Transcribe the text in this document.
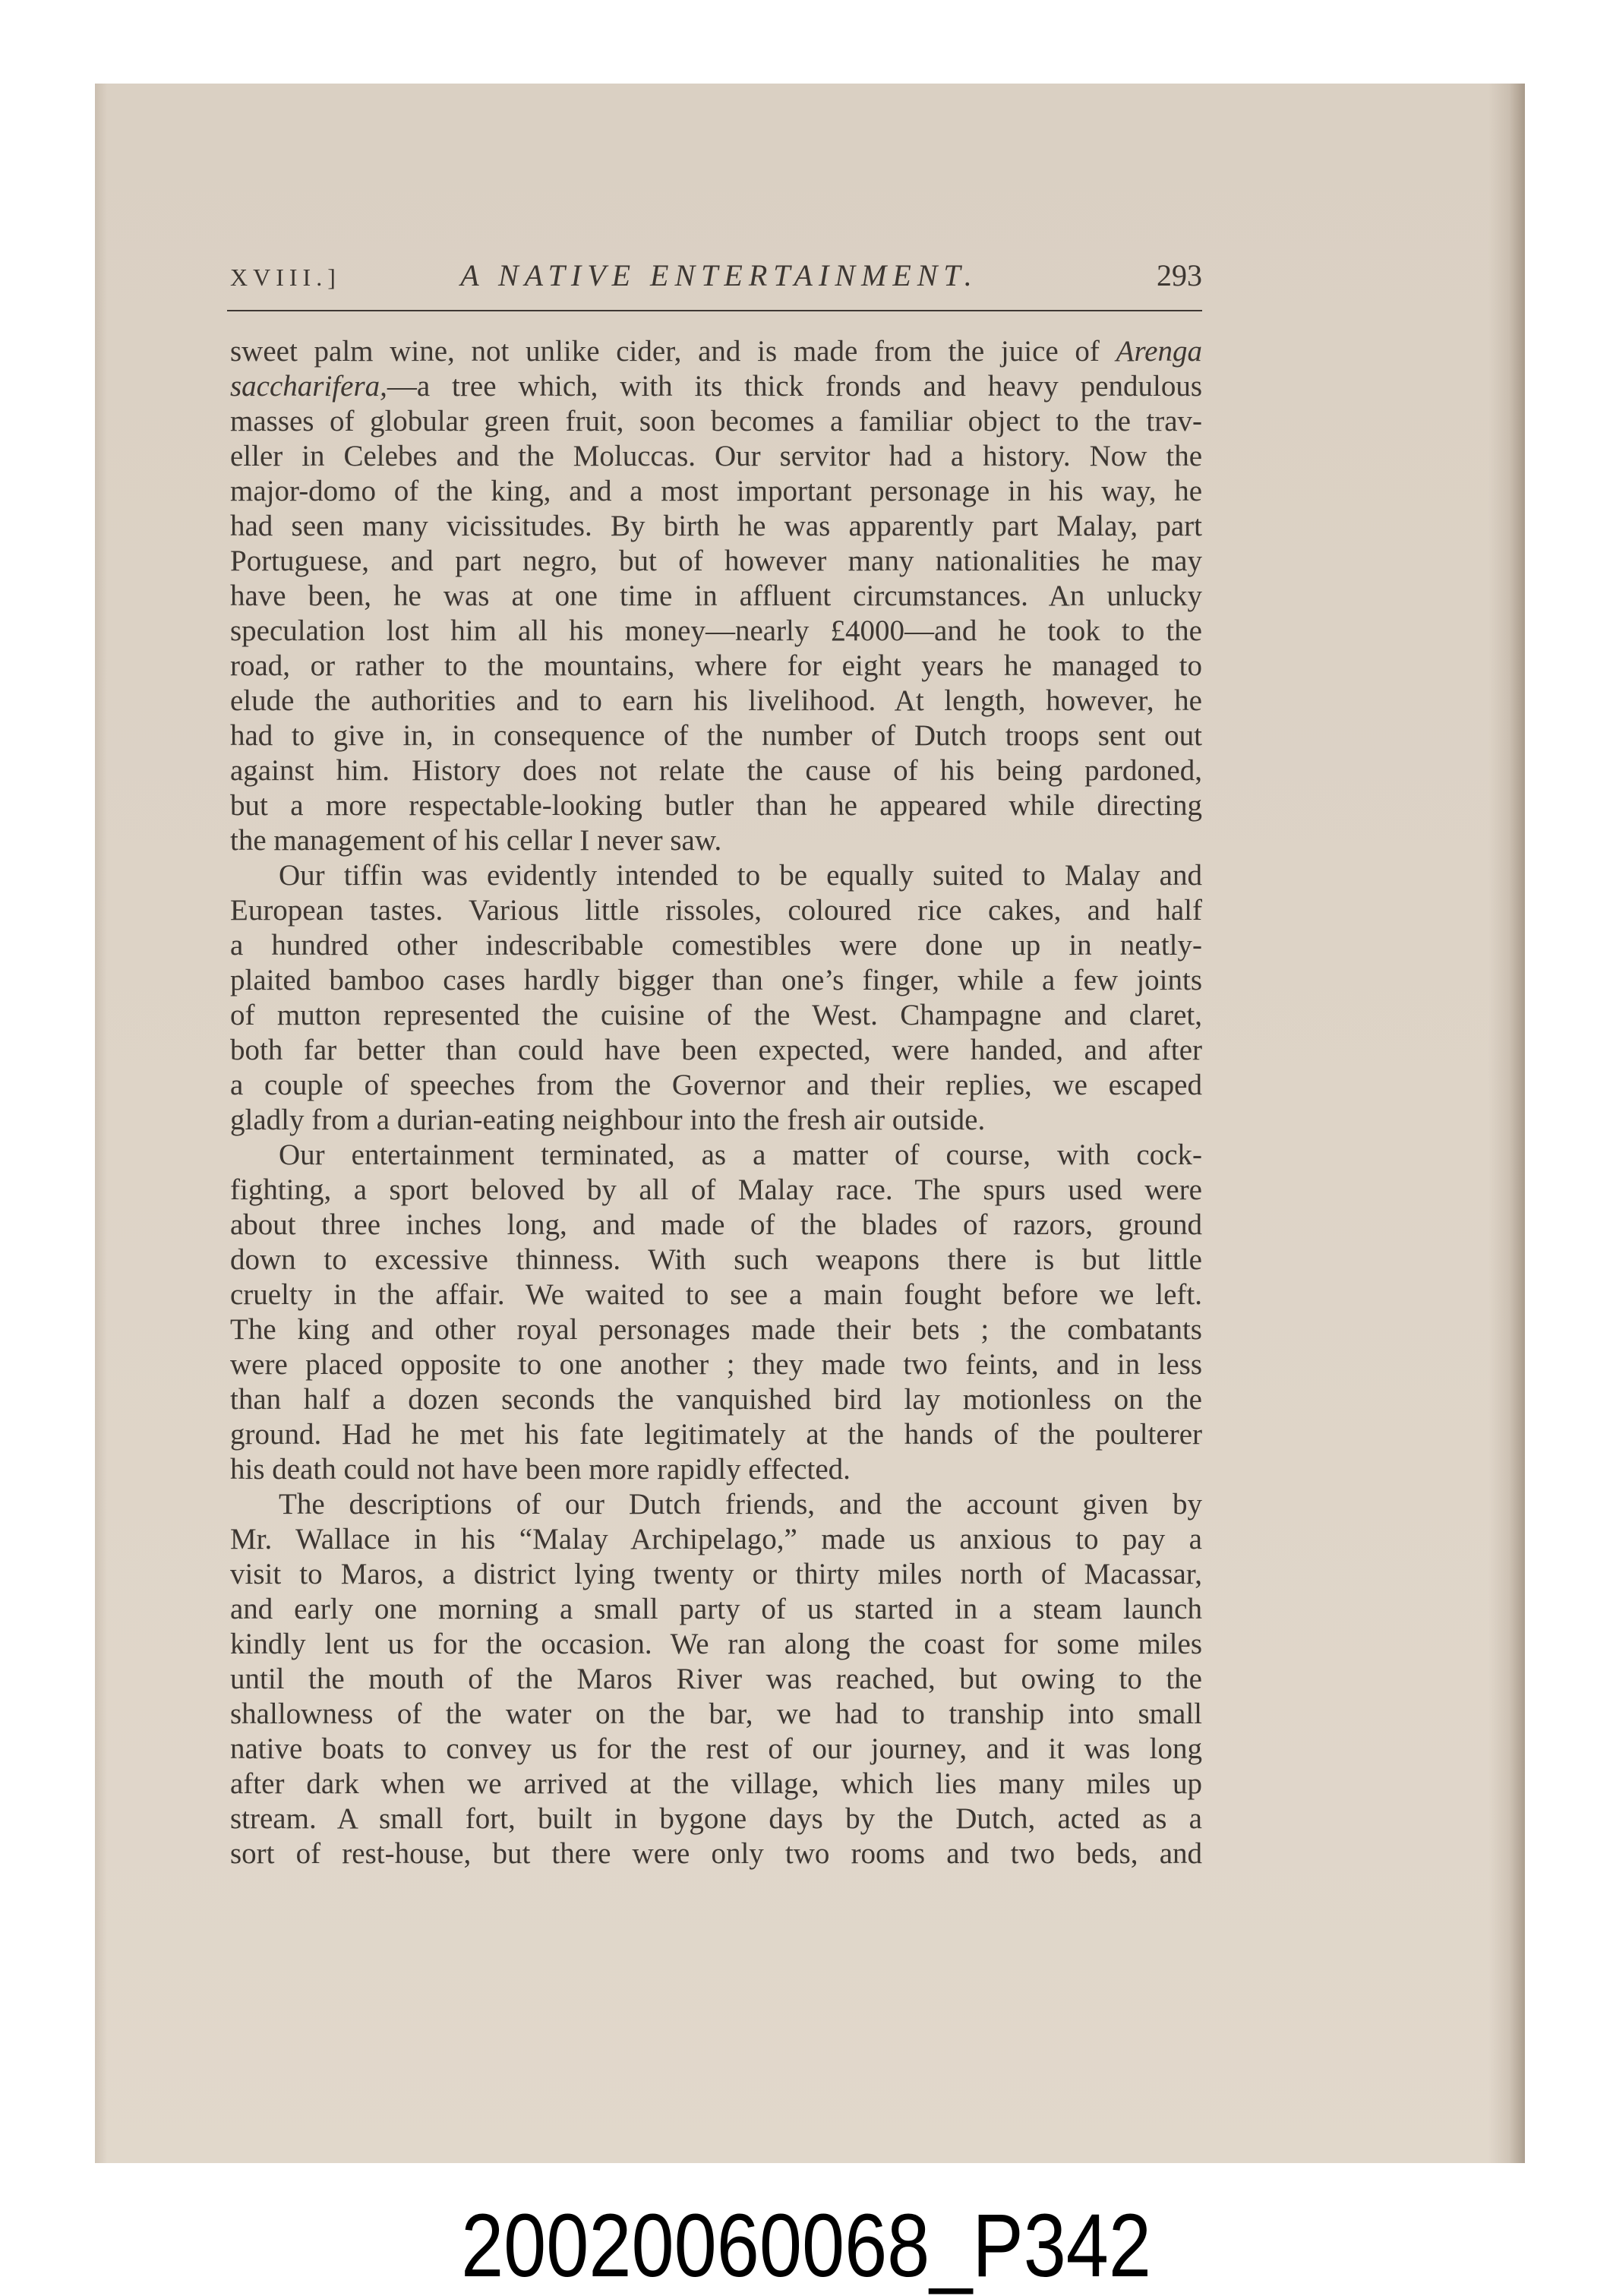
XVIII.]	A NATIVE ENTERTAINMENT.	293
sweet palm wine, not unlike cider, and is made from the juice of Arenga
saccharifera,—a tree which, with its thick fronds and heavy pendulous
masses of globular green fruit, soon becomes a familiar object to the trav-
eller in Celebes and the Moluccas. Our servitor had a history. Now the
major-domo of the king, and a most important personage in his way, he
had seen many vicissitudes. By birth he was apparently part Malay, part
Portuguese, and part negro, but of however many nationalities he may
have been, he was at one time in affluent circumstances. An unlucky
speculation lost him all his money—nearly £4000—and he took to the
road, or rather to the mountains, where for eight years he managed to
elude the authorities and to earn his livelihood. At length, however, he
had to give in, in consequence of the number of Dutch troops sent out
against him. History does not relate the cause of his being pardoned,
but a more respectable-looking butler than he appeared while directing
the management of his cellar I never saw.
Our tiffin was evidently intended to be equally suited to Malay and
European tastes. Various little rissoles, coloured rice cakes, and half
a hundred other indescribable comestibles were done up in neatly-
plaited bamboo cases hardly bigger than one’s finger, while a few joints
of mutton represented the cuisine of the West. Champagne and claret,
both far better than could have been expected, were handed, and after
a couple of speeches from the Governor and their replies, we escaped
gladly from a durian-eating neighbour into the fresh air outside.
Our entertainment terminated, as a matter of course, with cock-
fighting, a sport beloved by all of Malay race. The spurs used were
about three inches long, and made of the blades of razors, ground
down to excessive thinness. With such weapons there is but little
cruelty in the affair. We waited to see a main fought before we left.
The king and other royal personages made their bets ; the combatants
were placed opposite to one another ; they made two feints, and in less
than half a dozen seconds the vanquished bird lay motionless on the
ground. Had he met his fate legitimately at the hands of the poulterer
his death could not have been more rapidly effected.
The descriptions of our Dutch friends, and the account given by
Mr. Wallace in his “Malay Archipelago,” made us anxious to pay a
visit to Maros, a district lying twenty or thirty miles north of Macassar,
and early one morning a small party of us started in a steam launch
kindly lent us for the occasion. We ran along the coast for some miles
until the mouth of the Maros River was reached, but owing to the
shallowness of the water on the bar, we had to tranship into small
native boats to convey us for the rest of our journey, and it was long
after dark when we arrived at the village, which lies many miles up
stream. A small fort, built in bygone days by the Dutch, acted as a
sort of rest-house, but there were only two rooms and two beds, and
20020060068_P342
